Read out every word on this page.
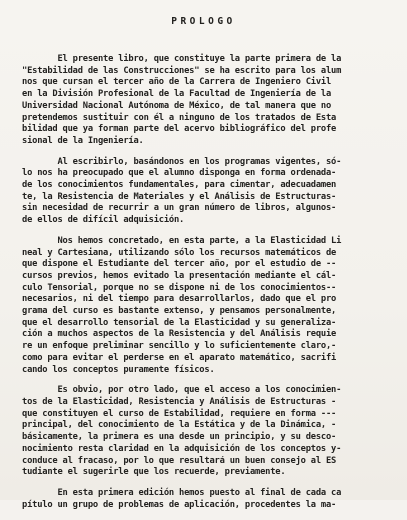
PROLOGO
El presente libro, que constituye la parte primera de la
"Estabilidad de las Construcciones" se ha escrito para los alum
nos que cursan el tercer año de la Carrera de Ingeniero Civil
en la División Profesional de la Facultad de Ingeniería de la
Universidad Nacional Autónoma de México, de tal manera que no
pretendemos sustituir con él a ninguno de los tratados de Esta
bilidad que ya forman parte del acervo bibliográfico del profe
sional de la Ingeniería.
Al escribirlo, basándonos en los programas vigentes, só-
lo nos ha preocupado que el alumno disponga en forma ordenada-
de los conocimientos fundamentales, para cimentar, adecuadamen
te, la Resistencia de Materiales y el Análisis de Estructuras-
sin necesidad de recurrir a un gran número de libros, algunos-
de ellos de difícil adquisición.
Nos hemos concretado, en esta parte, a la Elasticidad Li
neal y Cartesiana, utilizando sólo los recursos matemáticos de
que dispone el Estudiante del tercer año, por el estudio de --
cursos previos, hemos evitado la presentación mediante el cál-
culo Tensorial, porque no se dispone ni de los conocimientos--
necesarios, ni del tiempo para desarrollarlos, dado que el pro
grama del curso es bastante extenso, y pensamos personalmente,
que el desarrollo tensorial de la Elasticidad y su generaliza-
ción a muchos aspectos de la Resistencia y del Análisis requie
re un enfoque preliminar sencillo y lo suficientemente claro,-
como para evitar el perderse en el aparato matemático, sacrifi
cando los conceptos puramente físicos.
Es obvio, por otro lado, que el acceso a los conocimien-
tos de la Elasticidad, Resistencia y Análisis de Estructuras -
que constituyen el curso de Estabilidad, requiere en forma ---
principal, del conocimiento de la Estática y de la Dinámica, -
básicamente, la primera es una desde un principio, y su desco-
nocimiento resta claridad en la adquisición de los conceptos y-
conduce al fracaso, por lo que resultará un buen consejo al ES
tudiante el sugerirle que los recuerde, previamente.
En esta primera edición hemos puesto al final de cada ca
pítulo un grupo de problemas de aplicación, procedentes la ma-
